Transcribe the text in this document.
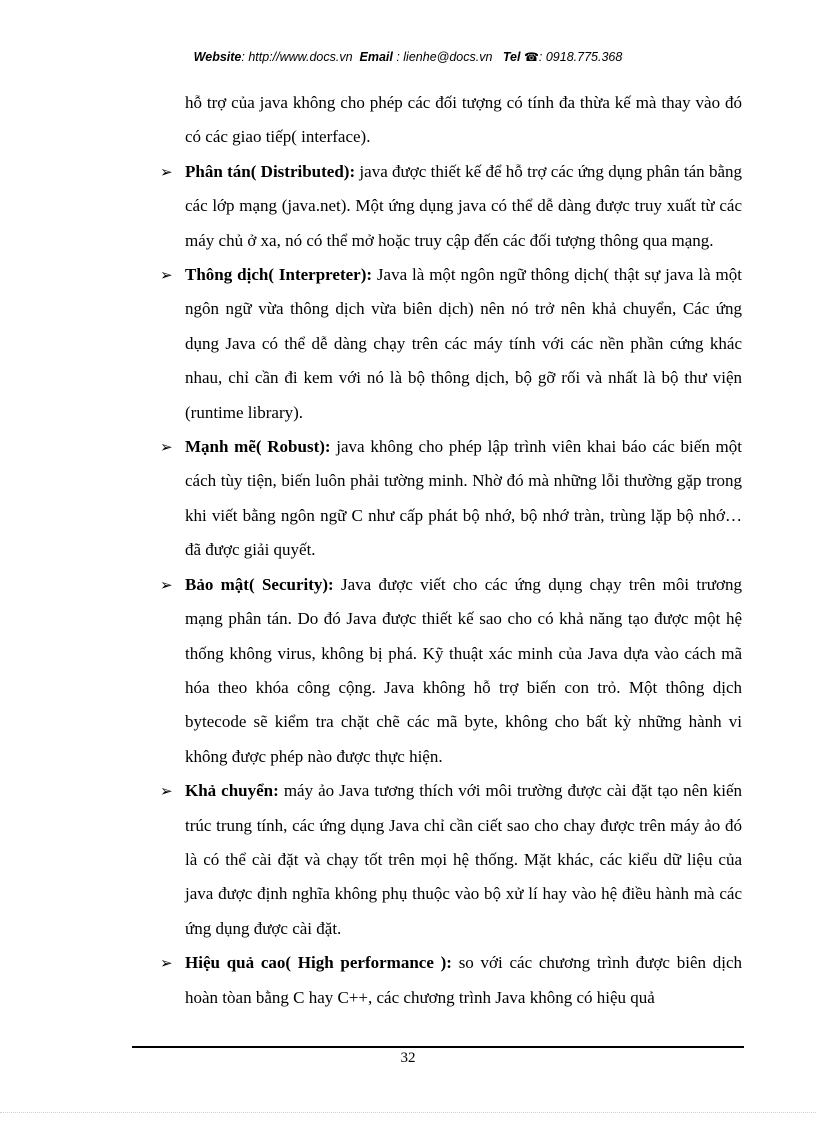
Website: http://www.docs.vn Email : lienhe@docs.vn Tel ☎: 0918.775.368

hỗ trợ của java không cho phép các đối tượng có tính đa thừa kế mà thay vào đó có các giao tiếp( interface).

➢ Phân tán( Distributed): java được thiết kế để hỗ trợ các ứng dụng phân tán bằng các lớp mạng (java.net). Một ứng dụng java có thể dễ dàng được truy xuất từ các máy chủ ở xa, nó có thể mở hoặc truy cập đến các đối tượng thông qua mạng.
➢ Thông dịch( Interpreter): Java là một ngôn ngữ thông dịch( thật sự java là một ngôn ngữ vừa thông dịch vừa biên dịch) nên nó trở nên khả chuyển, Các ứng dụng Java có thể dễ dàng chạy trên các máy tính với các nền phần cứng khác nhau, chỉ cần đi kem với nó là bộ thông dịch, bộ gỡ rối và nhất là bộ thư viện (runtime library).
➢ Mạnh mẽ( Robust): java không cho phép lập trình viên khai báo các biến một cách tùy tiện, biến luôn phải tường minh. Nhờ đó mà những lỗi thường gặp trong khi viết bằng ngôn ngữ C như cấp phát bộ nhớ, bộ nhớ tràn, trùng lặp bộ nhớ… đã được giải quyết.
➢ Bảo mật( Security): Java được viết cho các ứng dụng chạy trên môi trương mạng phân tán. Do đó Java được thiết kế sao cho có khả năng tạo được một hệ thống không virus, không bị phá. Kỹ thuật xác minh của Java dựa vào cách mã hóa theo khóa công cộng. Java không hỗ trợ biến con trỏ. Một thông dịch bytecode sẽ kiểm tra chặt chẽ các mã byte, không cho bất kỳ những hành vi không được phép nào được thực hiện.
➢ Khả chuyển: máy ảo Java tương thích với môi trường được cài đặt tạo nên kiến trúc trung tính, các ứng dụng Java chỉ cần ciết sao cho chay được trên máy ảo đó là có thể cài đặt và chạy tốt trên mọi hệ thống. Mặt khác, các kiểu dữ liệu của java được định nghĩa không phụ thuộc vào bộ xử lí hay vào hệ điều hành mà các ứng dụng được cài đặt.
➢ Hiệu quả cao( High performance ): so với các chương trình được biên dịch hoàn tòan bằng C hay C++, các chương trình Java không có hiệu quả
32
